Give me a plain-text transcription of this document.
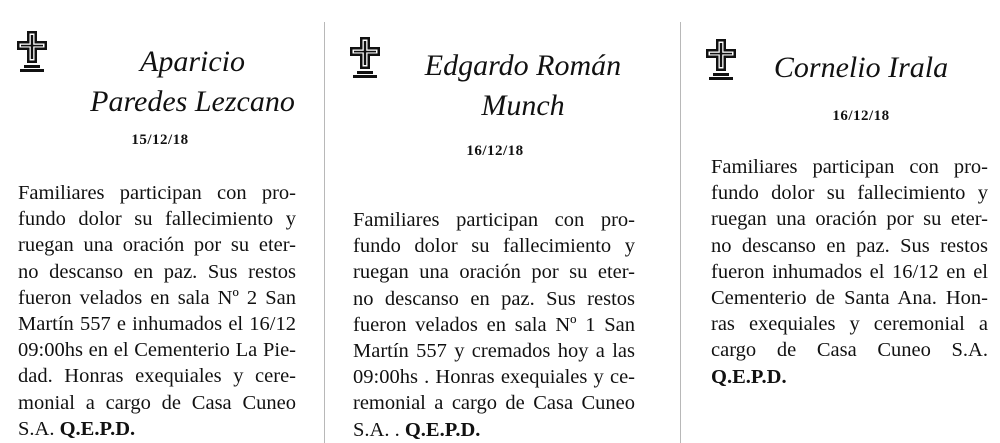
Aparicio
Paredes Lezcano

15/12/18

Familiares participan con pro-
fundo dolor su fallecimiento y
ruegan una oración por su eter-
no descanso en paz. Sus restos
fueron velados en sala Nº 2 San
Martín 557 e inhumados el 16/12
09:00hs en el Cementerio La Pie-
dad. Honras exequiales y cere-
monial a cargo de Casa Cuneo
S.A. Q.E.P.D.

Edgardo Román
Munch

16/12/18

Familiares participan con pro-
fundo dolor su fallecimiento y
ruegan una oración por su eter-
no descanso en paz. Sus restos
fueron velados en sala Nº 1 San
Martín 557 y cremados hoy a las
09:00hs . Honras exequiales y ce-
remonial a cargo de Casa Cuneo
S.A. . Q.E.P.D.

Cornelio Irala

16/12/18

Familiares participan con pro-
fundo dolor su fallecimiento y
ruegan una oración por su eter-
no descanso en paz. Sus restos
fueron inhumados el 16/12 en el
Cementerio de Santa Ana. Hon-
ras exequiales y ceremonial a
cargo de Casa Cuneo S.A.
Q.E.P.D.
